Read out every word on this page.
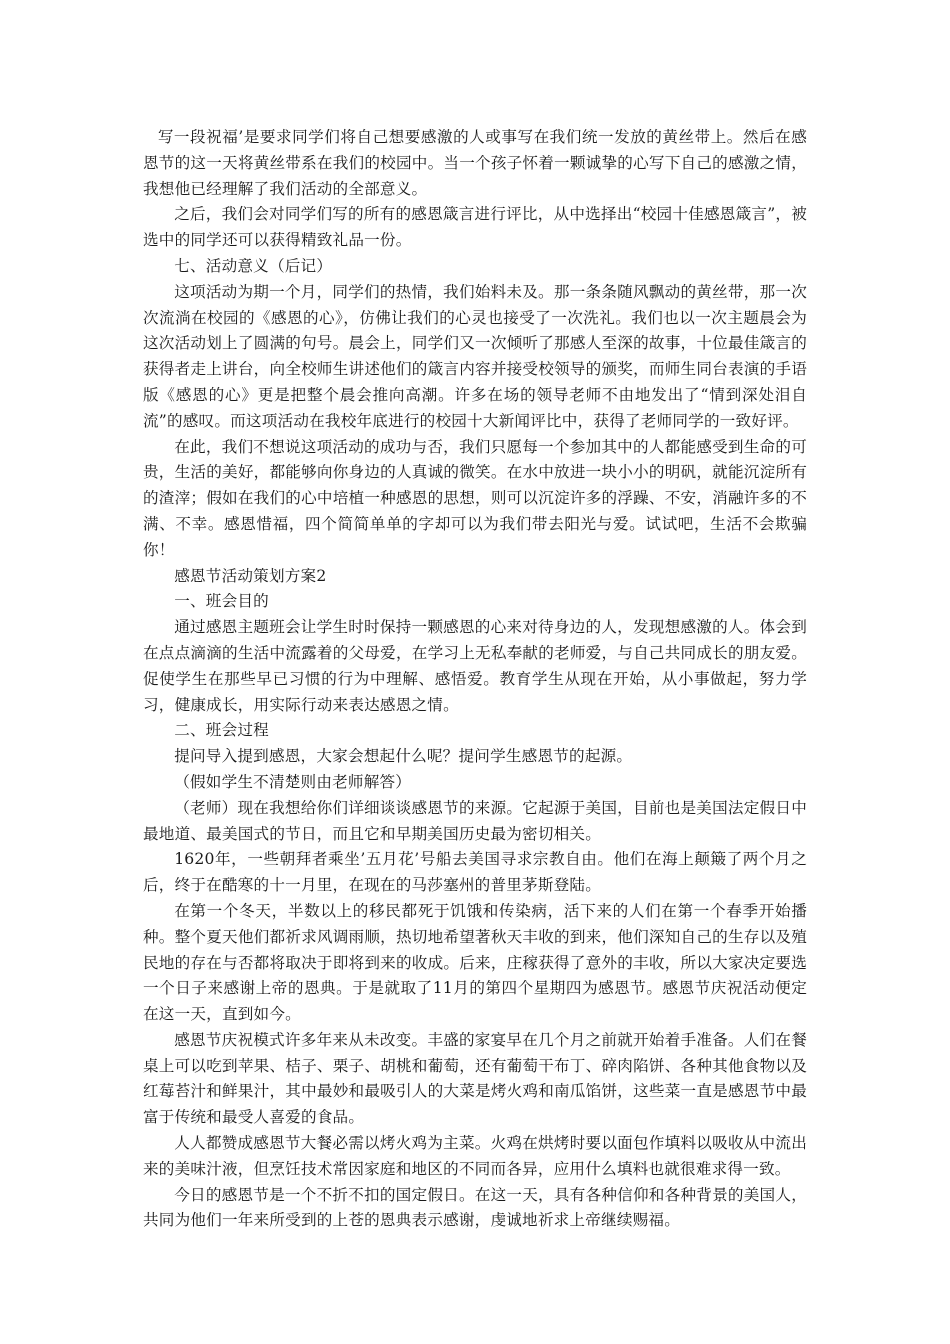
写一段祝福’是要求同学们将自己想要感激的人或事写在我们统一发放的黄丝带上。然后在感恩节的这一天将黄丝带系在我们的校园中。当一个孩子怀着一颗诚挚的心写下自己的感激之情，我想他已经理解了我们活动的全部意义。

之后，我们会对同学们写的所有的感恩箴言进行评比，从中选择出“校园十佳感恩箴言”，被选中的同学还可以获得精致礼品一份。

七、活动意义（后记）

这项活动为期一个月，同学们的热情，我们始料未及。那一条条随风飘动的黄丝带，那一次次流淌在校园的《感恩的心》，仿佛让我们的心灵也接受了一次洗礼。我们也以一次主题晨会为这次活动划上了圆满的句号。晨会上，同学们又一次倾听了那感人至深的故事，十位最佳箴言的获得者走上讲台，向全校师生讲述他们的箴言内容并接受校领导的颁奖，而师生同台表演的手语版《感恩的心》更是把整个晨会推向高潮。许多在场的领导老师不由地发出了“情到深处泪自流”的感叹。而这项活动在我校年底进行的校园十大新闻评比中，获得了老师同学的一致好评。

在此，我们不想说这项活动的成功与否，我们只愿每一个参加其中的人都能感受到生命的可贵，生活的美好，都能够向你身边的人真诚的微笑。在水中放进一块小小的明矾，就能沉淀所有的渣滓；假如在我们的心中培植一种感恩的思想，则可以沉淀许多的浮躁、不安，消融许多的不满、不幸。感恩惜福，四个简简单单的字却可以为我们带去阳光与爱。试试吧，生活不会欺骗你！

感恩节活动策划方案2

一、班会目的

通过感恩主题班会让学生时时保持一颗感恩的心来对待身边的人，发现想感激的人。体会到在点点滴滴的生活中流露着的父母爱，在学习上无私奉献的老师爱，与自己共同成长的朋友爱。促使学生在那些早已习惯的行为中理解、感悟爱。教育学生从现在开始，从小事做起，努力学习，健康成长，用实际行动来表达感恩之情。

二、班会过程

提问导入提到感恩，大家会想起什么呢？提问学生感恩节的起源。

（假如学生不清楚则由老师解答）

（老师）现在我想给你们详细谈谈感恩节的来源。它起源于美国，目前也是美国法定假日中最地道、最美国式的节日，而且它和早期美国历史最为密切相关。

1620年，一些朝拜者乘坐’五月花’号船去美国寻求宗教自由。他们在海上颠簸了两个月之后，终于在酷寒的十一月里，在现在的马莎塞州的普里茅斯登陆。

在第一个冬天，半数以上的移民都死于饥饿和传染病，活下来的人们在第一个春季开始播种。整个夏天他们都祈求风调雨顺，热切地希望著秋天丰收的到来，他们深知自己的生存以及殖民地的存在与否都将取决于即将到来的收成。后来，庄稼获得了意外的丰收，所以大家决定要选一个日子来感谢上帝的恩典。于是就取了11月的第四个星期四为感恩节。感恩节庆祝活动便定在这一天，直到如今。

感恩节庆祝模式许多年来从未改变。丰盛的家宴早在几个月之前就开始着手准备。人们在餐桌上可以吃到苹果、桔子、栗子、胡桃和葡萄，还有葡萄干布丁、碎肉陷饼、各种其他食物以及红莓苔汁和鲜果汁，其中最妙和最吸引人的大菜是烤火鸡和南瓜馅饼，这些菜一直是感恩节中最富于传统和最受人喜爱的食品。

人人都赞成感恩节大餐必需以烤火鸡为主菜。火鸡在烘烤时要以面包作填料以吸收从中流出来的美味汁液，但烹饪技术常因家庭和地区的不同而各异，应用什么填料也就很难求得一致。

今日的感恩节是一个不折不扣的国定假日。在这一天，具有各种信仰和各种背景的美国人，共同为他们一年来所受到的上苍的恩典表示感谢，虔诚地祈求上帝继续赐福。
